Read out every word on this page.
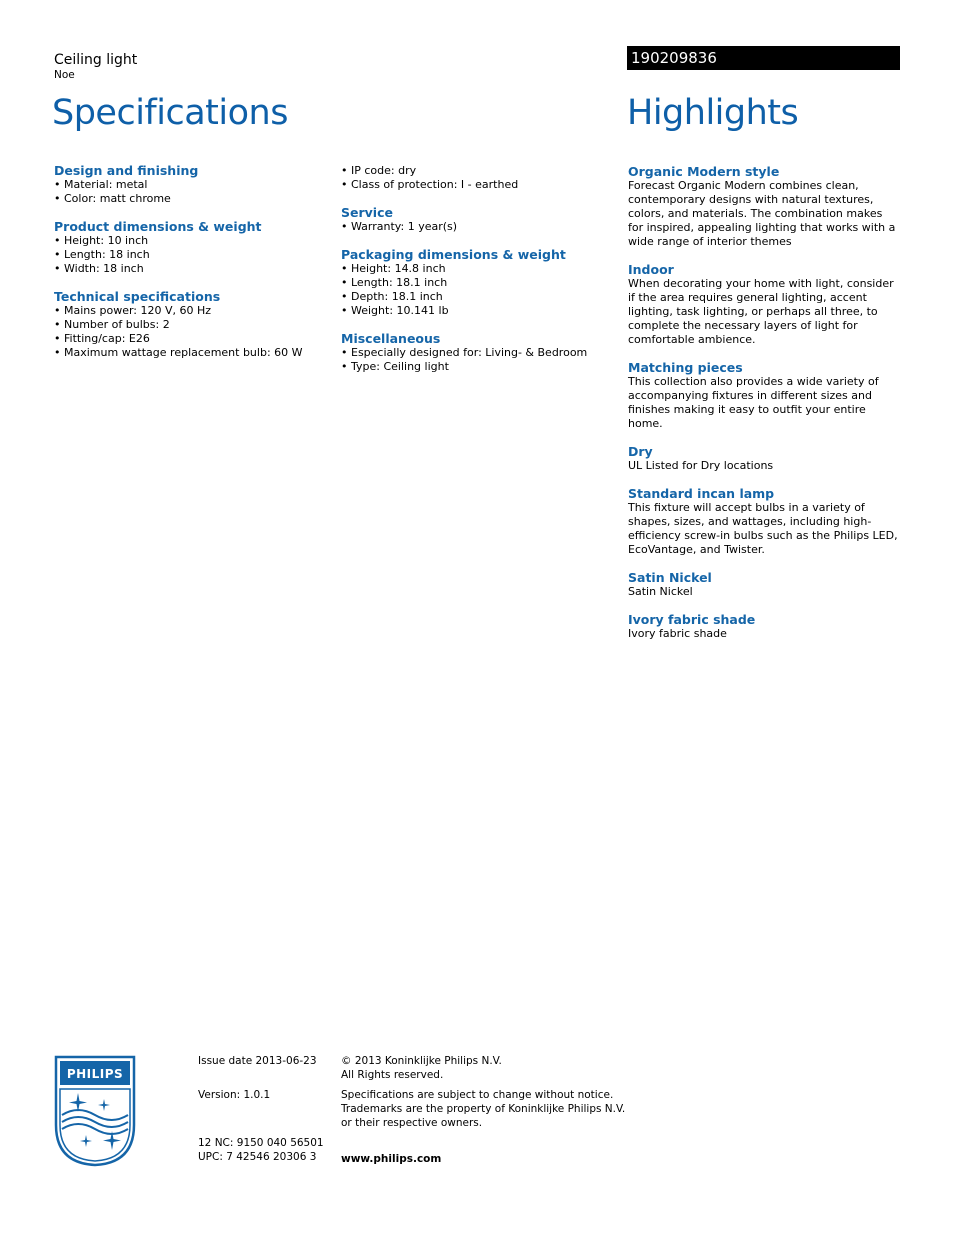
Ceiling light
Noe
190209836
Specifications	Highlights
Design and finishing
• Material: metal
• Color: matt chrome
Product dimensions & weight
• Height: 10 inch
• Length: 18 inch
• Width: 18 inch
Technical specifications
• Mains power: 120 V, 60 Hz
• Number of bulbs: 2
• Fitting/cap: E26
• Maximum wattage replacement bulb: 60 W
• IP code: dry
• Class of protection: I - earthed
Service
• Warranty: 1 year(s)
Packaging dimensions & weight
• Height: 14.8 inch
• Length: 18.1 inch
• Depth: 18.1 inch
• Weight: 10.141 lb
Miscellaneous
• Especially designed for: Living- & Bedroom
• Type: Ceiling light
Organic Modern style

Forecast Organic Modern combines clean, contemporary designs with natural textures, colors, and materials. The combination makes for inspired, appealing lighting that works with a wide range of interior themes

Indoor

When decorating your home with light, consider if the area requires general lighting, accent lighting, task lighting, or perhaps all three, to complete the necessary layers of light for comfortable ambience.

Matching pieces

This collection also provides a wide variety of accompanying fixtures in different sizes and finishes making it easy to outfit your entire home.

Dry

UL Listed for Dry locations

Standard incan lamp

This fixture will accept bulbs in a variety of shapes, sizes, and wattages, including high-efficiency screw-in bulbs such as the Philips LED, EcoVantage, and Twister.

Satin Nickel

Satin Nickel

Ivory fabric shade

Ivory fabric shade

PHILIPS
Issue date 2013-06-23
Version: 1.0.1
12 NC: 9150 040 56501
UPC: 7 42546 20306 3
© 2013 Koninklijke Philips N.V.
All Rights reserved.
Specifications are subject to change without notice.
Trademarks are the property of Koninklijke Philips N.V.
or their respective owners.
www.philips.com
